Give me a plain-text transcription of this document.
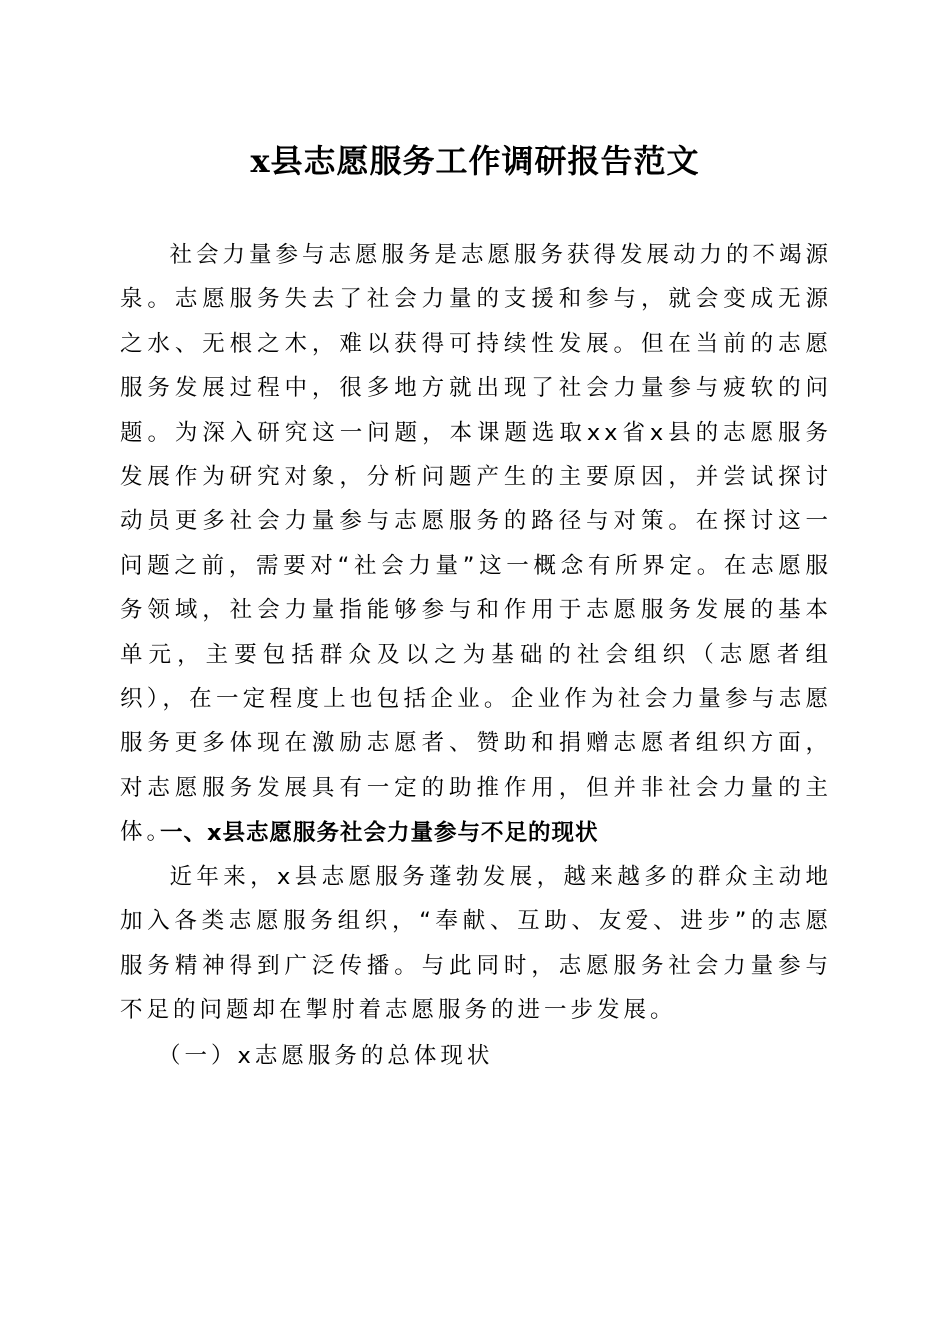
x县志愿服务工作调研报告范文

社会力量参与志愿服务是志愿服务获得发展动力的不竭源泉。志愿服务失去了社会力量的支援和参与，就会变成无源之水、无根之木，难以获得可持续性发展。但在当前的志愿服务发展过程中，很多地方就出现了社会力量参与疲软的问题。为深入研究这一问题，本课题选取xx省x县的志愿服务发展作为研究对象，分析问题产生的主要原因，并尝试探讨动员更多社会力量参与志愿服务的路径与对策。在探讨这一问题之前，需要对“社会力量”这一概念有所界定。在志愿服务领域，社会力量指能够参与和作用于志愿服务发展的基本单元，主要包括群众及以之为基础的社会组织（志愿者组织），在一定程度上也包括企业。企业作为社会力量参与志愿服务更多体现在激励志愿者、赞助和捐赠志愿者组织方面，对志愿服务发展具有一定的助推作用，但并非社会力量的主体。

一、x县志愿服务社会力量参与不足的现状

近年来，x县志愿服务蓬勃发展，越来越多的群众主动地加入各类志愿服务组织，“奉献、互助、友爱、进步”的志愿服务精神得到广泛传播。与此同时，志愿服务社会力量参与不足的问题却在掣肘着志愿服务的进一步发展。

（一）x志愿服务的总体现状
